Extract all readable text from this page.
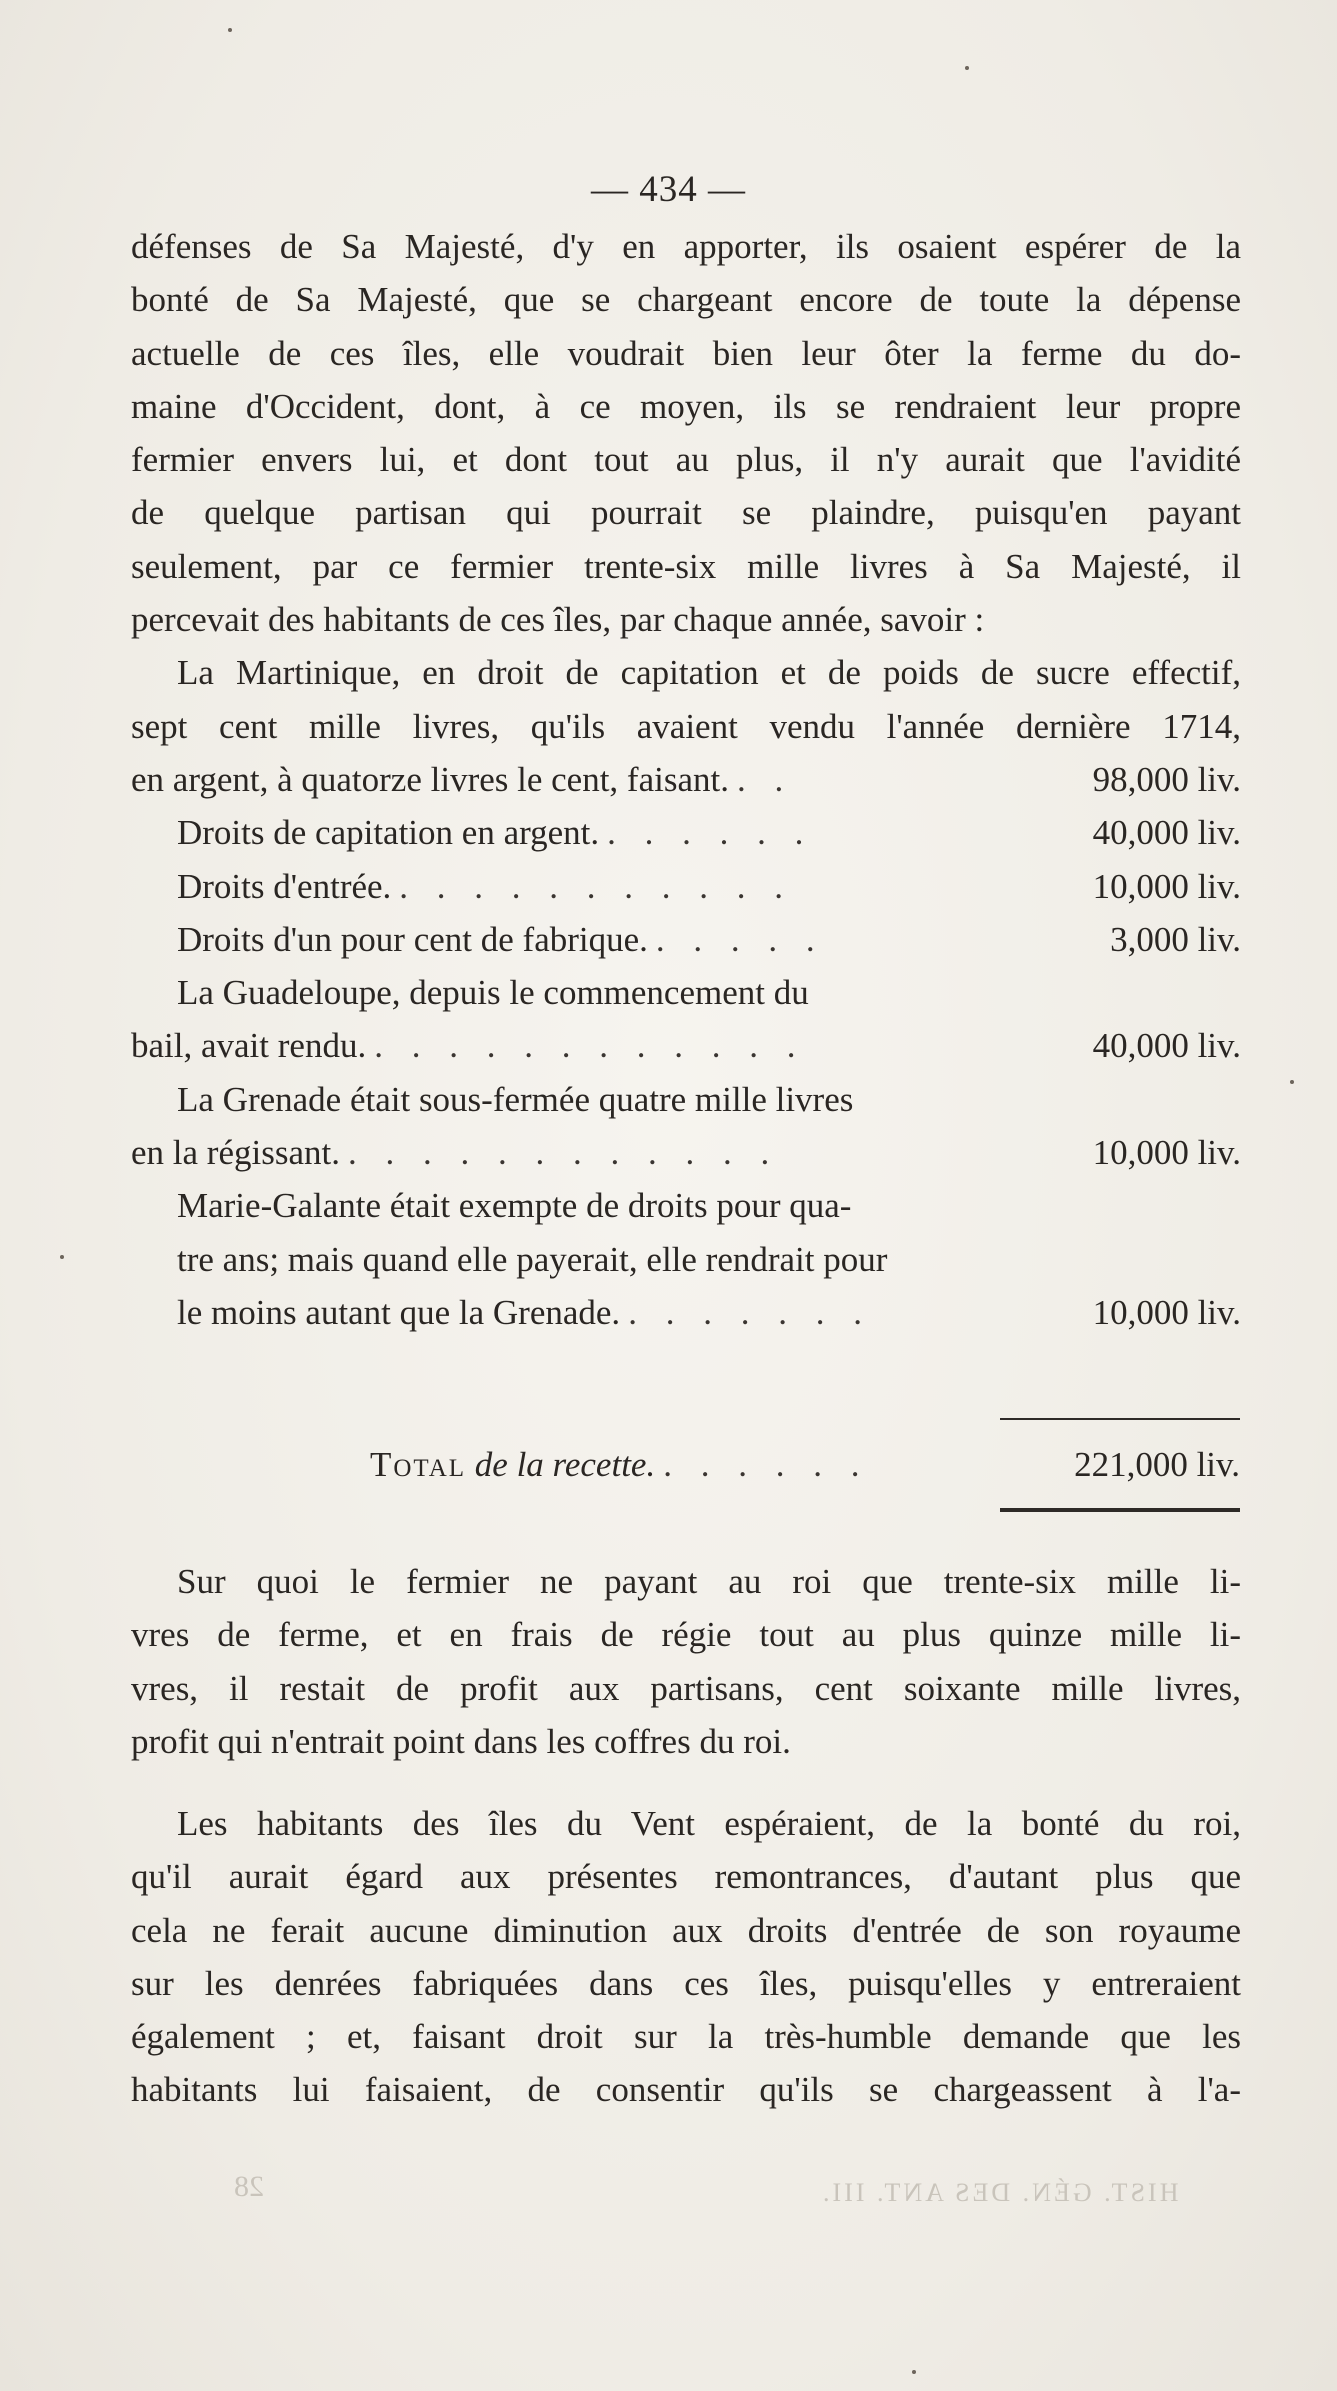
— 434 —
défenses de Sa Majesté, d'y en apporter, ils osaient espérer de la
bonté de Sa Majesté, que se chargeant encore de toute la dépense
actuelle de ces îles, elle voudrait bien leur ôter la ferme du do-
maine d'Occident, dont, à ce moyen, ils se rendraient leur propre
fermier envers lui, et dont tout au plus, il n'y aurait que l'avidité
de quelque partisan qui pourrait se plaindre, puisqu'en payant
seulement, par ce fermier trente-six mille livres à Sa Majesté, il
percevait des habitants de ces îles, par chaque année, savoir :
La Martinique, en droit de capitation et de poids de sucre effectif,
sept cent mille livres, qu'ils avaient vendu l'année dernière 1714,
en argent, à quatorze livres le cent, faisant. . .	98,000 liv.
Droits de capitation en argent. . . . . . .	40,000 liv.
Droits d'entrée. . . . . . . . . . . .	10,000 liv.
Droits d'un pour cent de fabrique. . . . . .	3,000 liv.
La Guadeloupe, depuis le commencement du
bail, avait rendu. . . . . . . . . . . . .	40,000 liv.
La Grenade était sous-fermée quatre mille livres
en la régissant. . . . . . . . . . . . .	10,000 liv.
Marie-Galante était exempte de droits pour qua-
tre ans; mais quand elle payerait, elle rendrait pour
le moins autant que la Grenade. . . . . . . .	10,000 liv.
Total de la recette. . . . . . .	221,000 liv.
Sur quoi le fermier ne payant au roi que trente-six mille li-
vres de ferme, et en frais de régie tout au plus quinze mille li-
vres, il restait de profit aux partisans, cent soixante mille livres,
profit qui n'entrait point dans les coffres du roi.
Les habitants des îles du Vent espéraient, de la bonté du roi,
qu'il aurait égard aux présentes remontrances, d'autant plus que
cela ne ferait aucune diminution aux droits d'entrée de son royaume
sur les denrées fabriquées dans ces îles, puisqu'elles y entreraient
également ; et, faisant droit sur la très-humble demande que les
habitants lui faisaient, de consentir qu'ils se chargeassent à l'a-
28	HIST. GÉN. DES ANT. III.
